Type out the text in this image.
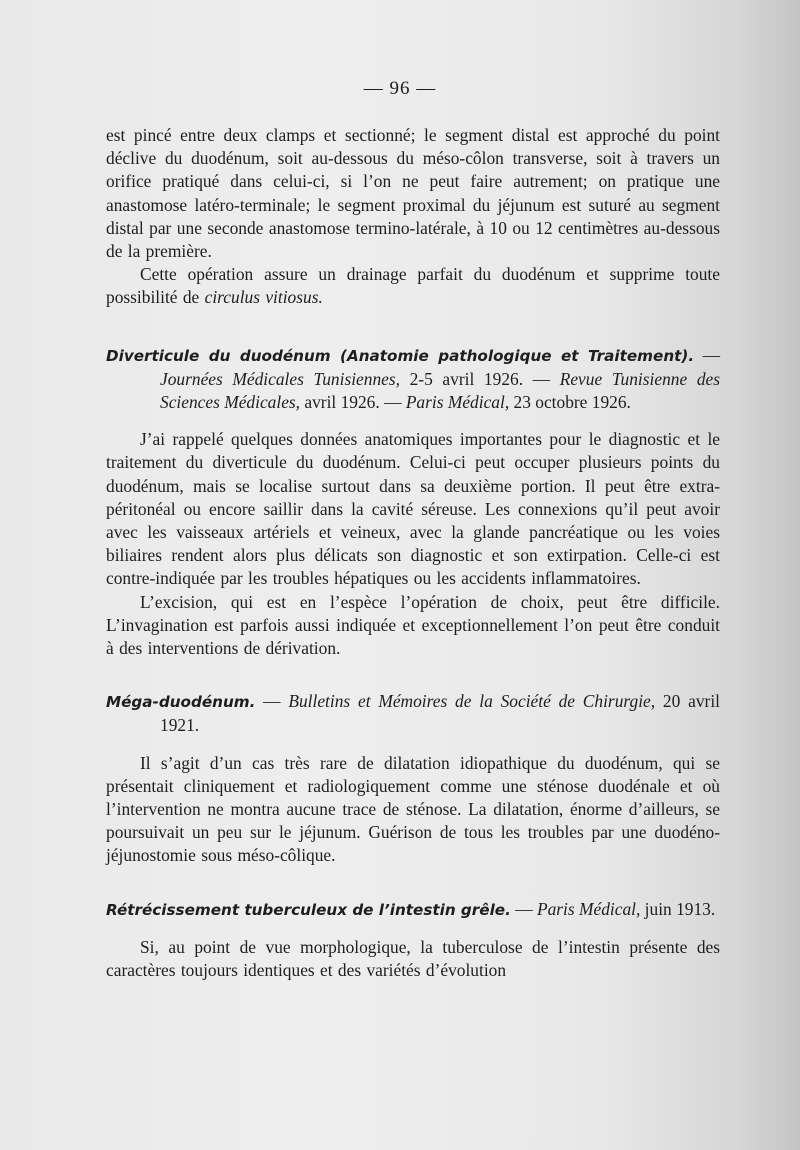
— 96 —

est pincé entre deux clamps et sectionné; le segment distal est approché du point déclive du duodénum, soit au-dessous du méso-côlon transverse, soit à travers un orifice pratiqué dans celui-ci, si l’on ne peut faire autrement; on pratique une anastomose latéro-terminale; le segment proximal du jéjunum est suturé au segment distal par une seconde anastomose termino-latérale, à 10 ou 12 centimètres au-dessous de la première.

Cette opération assure un drainage parfait du duodénum et supprime toute possibilité de circulus vitiosus.

Diverticule du duodénum (Anatomie pathologique et Traitement). — Journées Médicales Tunisiennes, 2-5 avril 1926. — Revue Tunisienne des Sciences Médicales, avril 1926. — Paris Médical, 23 octobre 1926.

J’ai rappelé quelques données anatomiques importantes pour le diagnostic et le traitement du diverticule du duodénum. Celui-ci peut occuper plusieurs points du duodénum, mais se localise surtout dans sa deuxième portion. Il peut être extra-péritonéal ou encore saillir dans la cavité séreuse. Les connexions qu’il peut avoir avec les vaisseaux artériels et veineux, avec la glande pancréatique ou les voies biliaires rendent alors plus délicats son diagnostic et son extirpation. Celle-ci est contre-indiquée par les troubles hépatiques ou les accidents inflammatoires.

L’excision, qui est en l’espèce l’opération de choix, peut être difficile. L’invagination est parfois aussi indiquée et exceptionnellement l’on peut être conduit à des interventions de dérivation.

Méga-duodénum. — Bulletins et Mémoires de la Société de Chirurgie, 20 avril 1921.

Il s’agit d’un cas très rare de dilatation idiopathique du duodénum, qui se présentait cliniquement et radiologiquement comme une sténose duodénale et où l’intervention ne montra aucune trace de sténose. La dilatation, énorme d’ailleurs, se poursuivait un peu sur le jéjunum. Guérison de tous les troubles par une duodéno-jéjunostomie sous méso-côlique.

Rétrécissement tuberculeux de l’intestin grêle. — Paris Médical, juin 1913.

Si, au point de vue morphologique, la tuberculose de l’intestin présente des caractères toujours identiques et des variétés d’évolution
